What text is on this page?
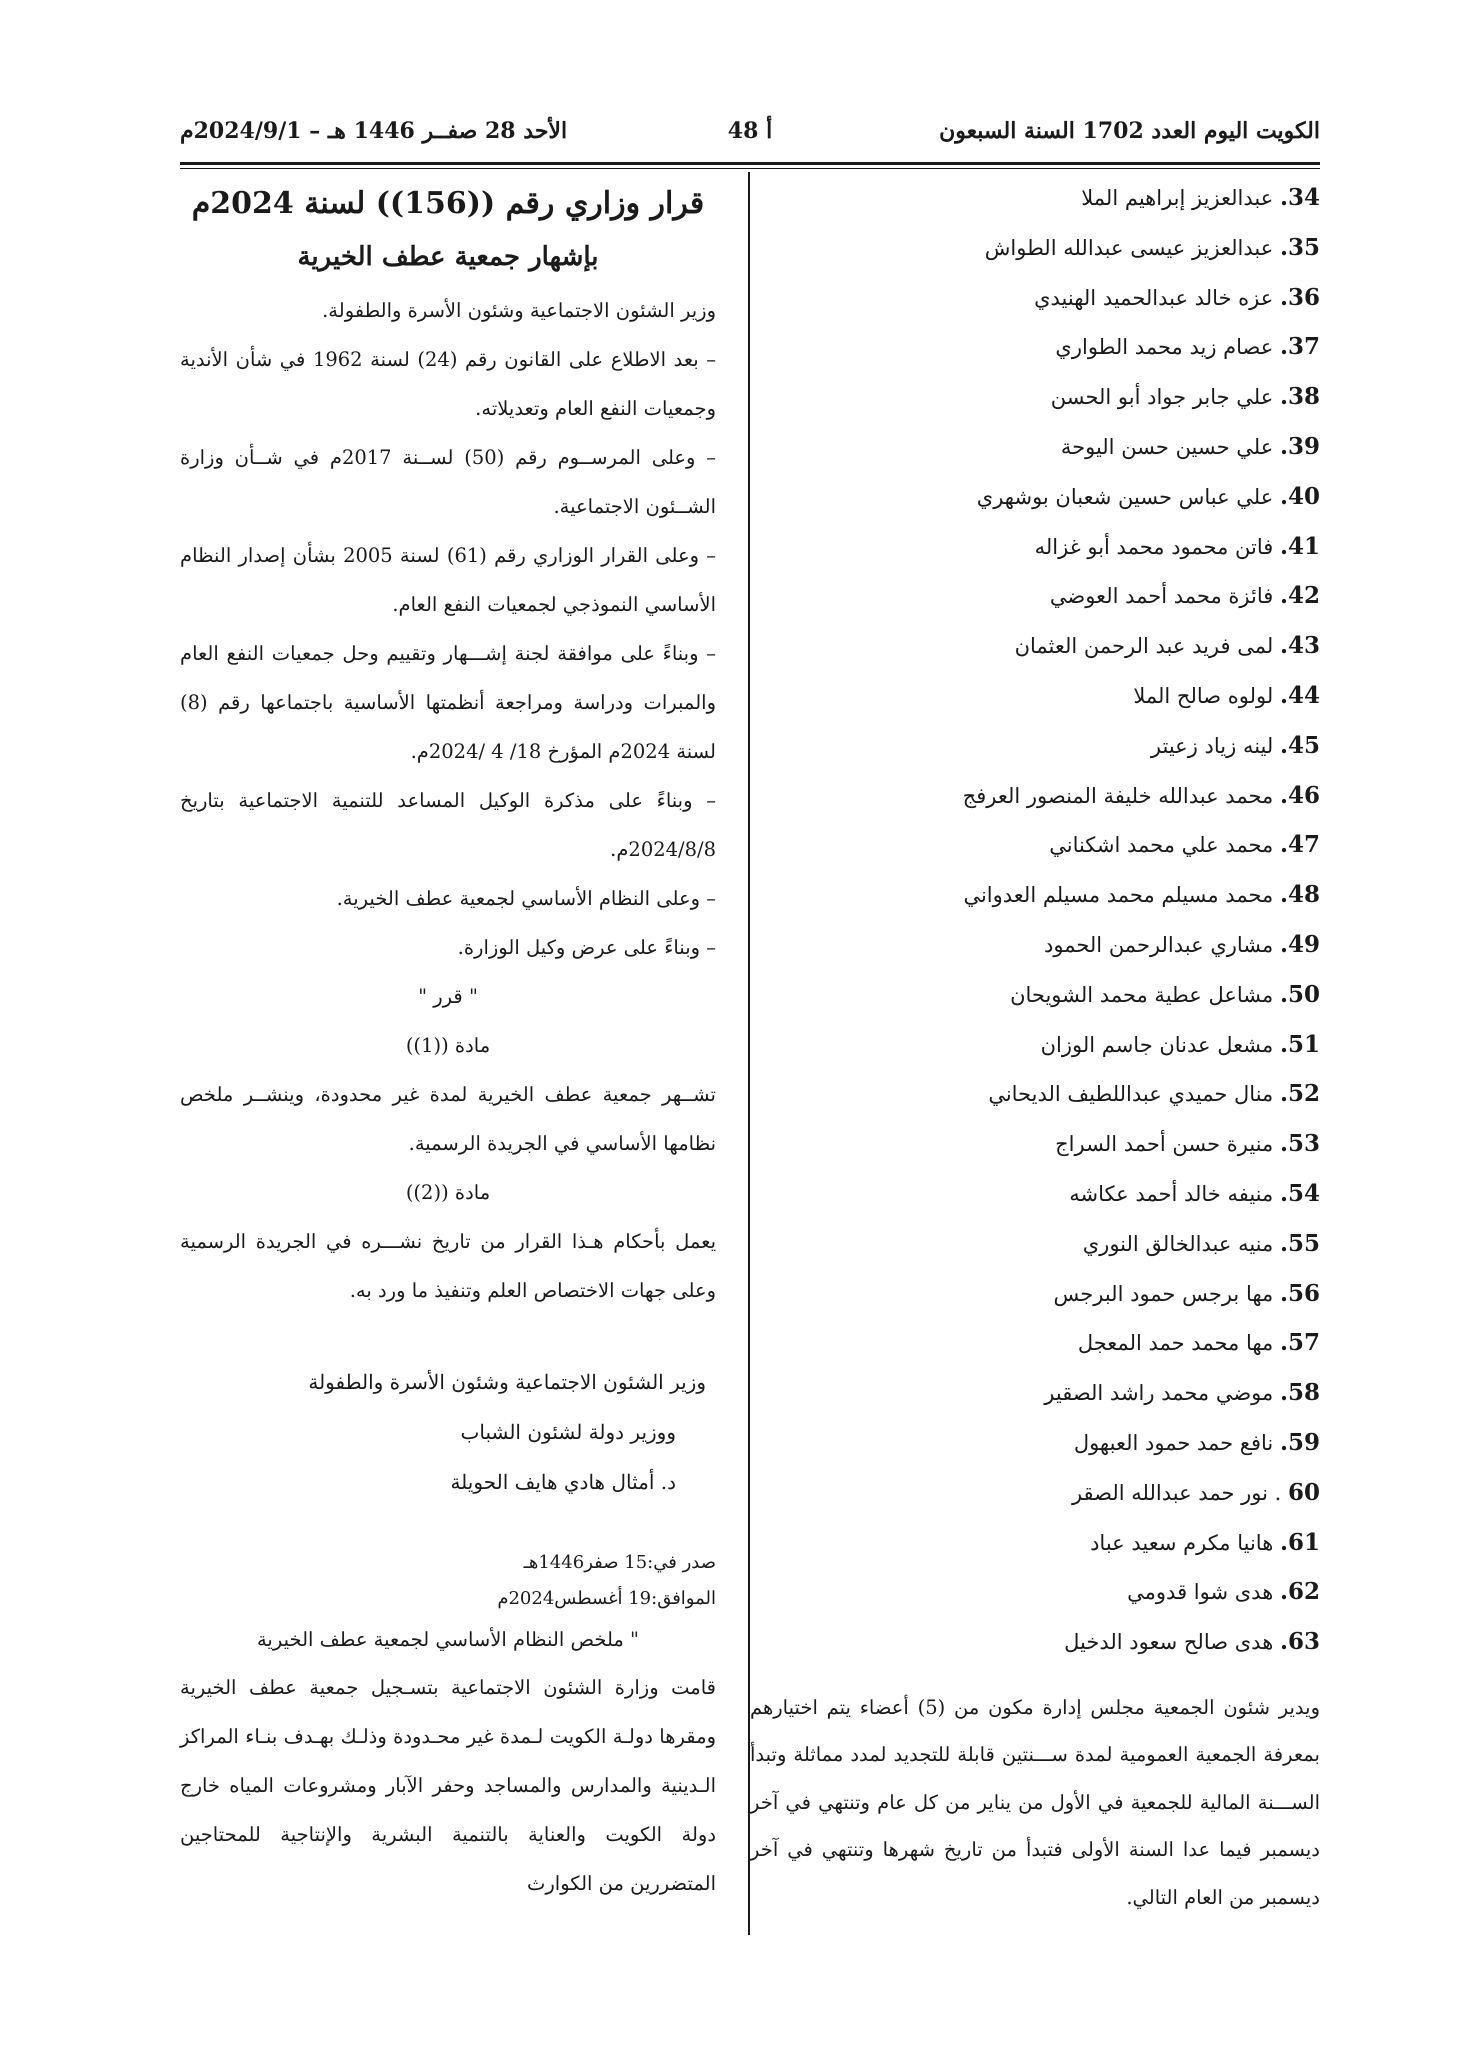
الكويت اليوم العدد 1702 السنة السبعون
أ 48
الأحد 28 صفــر 1446 هـ – 2024/9/1م
34. عبدالعزيز إبراهيم الملا
35. عبدالعزيز عيسى عبدالله الطواش
36. عزه خالد عبدالحميد الهنيدي
37. عصام زيد محمد الطواري
38. علي جابر جواد أبو الحسن
39. علي حسين حسن اليوحة
40. علي عباس حسين شعبان بوشهري
41. فاتن محمود محمد أبو غزاله
42. فائزة محمد أحمد العوضي
43. لمى فريد عبد الرحمن العثمان
44. لولوه صالح الملا
45. لينه زياد زعيتر
46. محمد عبدالله خليفة المنصور العرفج
47. محمد علي محمد اشكناني
48. محمد مسيلم محمد مسيلم العدواني
49. مشاري عبدالرحمن الحمود
50. مشاعل عطية محمد الشويحان
51. مشعل عدنان جاسم الوزان
52. منال حميدي عبداللطيف الديحاني
53. منيرة حسن أحمد السراج
54. منيفه خالد أحمد عكاشه
55. منيه عبدالخالق النوري
56. مها برجس حمود البرجس
57. مها محمد حمد المعجل
58. موضي محمد راشد الصقير
59. نافع حمد حمود العبهول
60 . نور حمد عبدالله الصقر
61. هانيا مكرم سعيد عباد
62. هدى شوا قدومي
63. هدى صالح سعود الدخيل

ويدير شئون الجمعية مجلس إدارة مكون من (5) أعضاء يتم اختيارهم بمعرفة الجمعية العمومية لمدة ســـنتين قابلة للتجديد لمدد مماثلة وتبدأ الســـنة المالية للجمعية في الأول من يناير من كل عام وتنتهي في آخر ديسمبر فيما عدا السنة الأولى فتبدأ من تاريخ شهرها وتنتهي في آخر ديسمبر من العام التالي.

قرار وزاري رقم ((156)) لسنة 2024م
بإشهار جمعية عطف الخيرية

وزير الشئون الاجتماعية وشئون الأسرة والطفولة.

– بعد الاطلاع على القانون رقم (24) لسنة 1962 في شأن الأندية وجمعيات النفع العام وتعديلاته.

– وعلى المرســوم رقم (50) لســنة 2017م في شــأن وزارة الشــئون الاجتماعية.

– وعلى القرار الوزاري رقم (61) لسنة 2005 بشأن إصدار النظام الأساسي النموذجي لجمعيات النفع العام.

– وبناءً على موافقة لجنة إشـــهار وتقييم وحل جمعيات النفع العام والمبرات ودراسة ومراجعة أنظمتها الأساسية باجتماعها رقم (8) لسنة 2024م المؤرخ 18/ 4 /2024م.

– وبناءً على مذكرة الوكيل المساعد للتنمية الاجتماعية بتاريخ 2024/8/8م.

– وعلى النظام الأساسي لجمعية عطف الخيرية.

– وبناءً على عرض وكيل الوزارة.

" قرر "

مادة ((1))

تشــهر جمعية عطف الخيرية لمدة غير محدودة، وينشــر ملخص نظامها الأساسي في الجريدة الرسمية.

مادة ((2))

يعمل بأحكام هـذا القرار من تاريخ نشـــره في الجريدة الرسمية وعلى جهات الاختصاص العلم وتنفيذ ما ورد به.

وزير الشئون الاجتماعية وشئون الأسرة والطفولة

ووزير دولة لشئون الشباب

د. أمثال هادي هايف الحويلة

صدر في:15 صفر1446هـ

الموافق:19 أغسطس2024م

" ملخص النظام الأساسي لجمعية عطف الخيرية

قامت وزارة الشئون الاجتماعية بتسـجيل جمعية عطف الخيرية ومقرها دولـة الكويت لـمدة غير محـدودة وذلـك بهـدف بنـاء المراكز الـدينية والمدارس والمساجد وحفر الآبار ومشروعات المياه خارج دولة الكويت والعناية بالتنمية البشرية والإنتاجية للمحتاجين المتضررين من الكوارث
